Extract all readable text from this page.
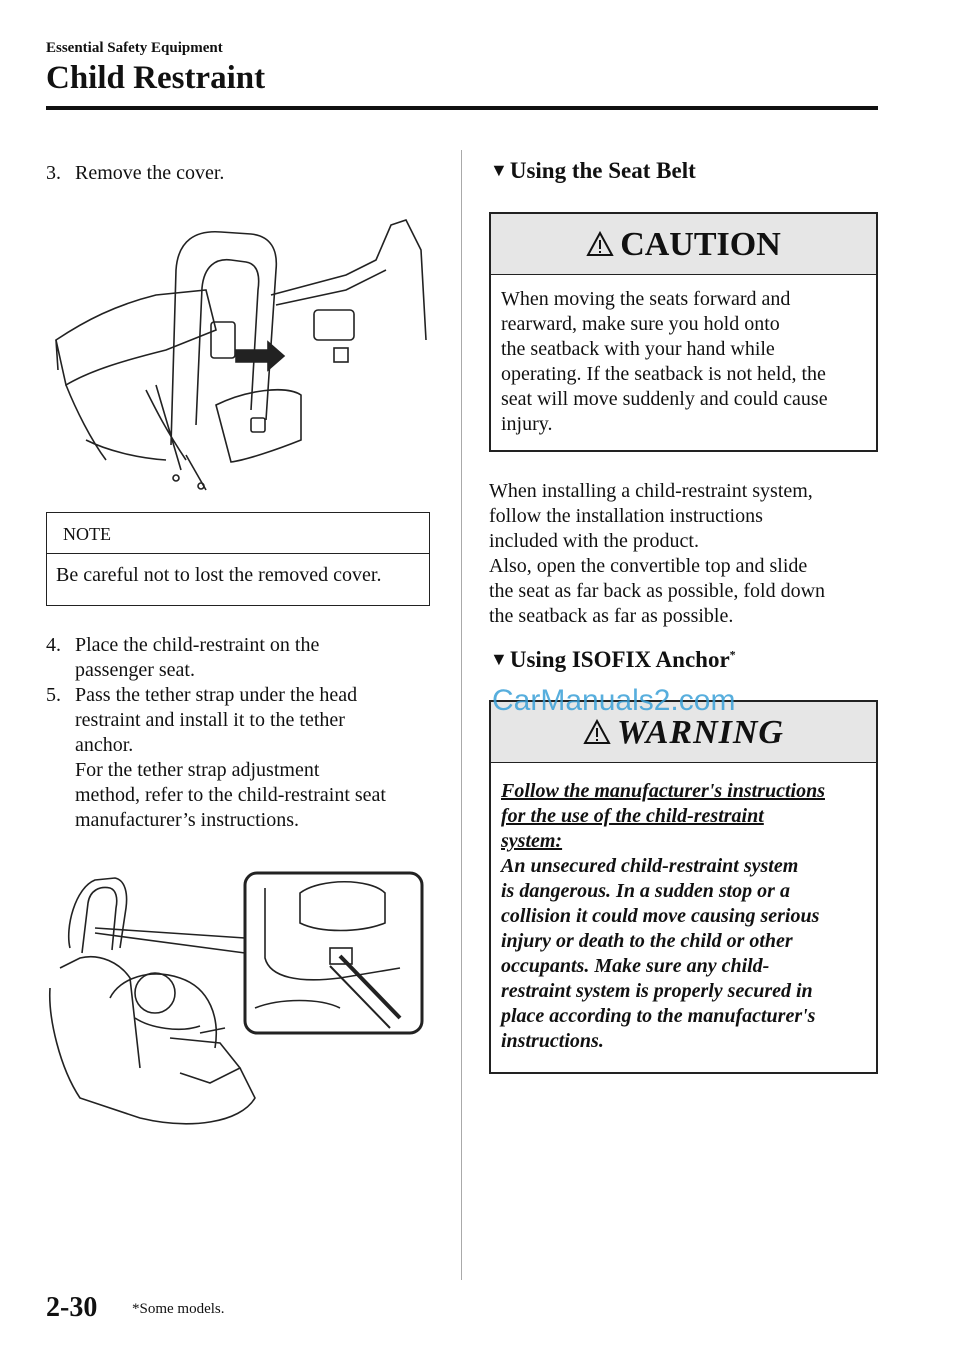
Essential Safety Equipment
Child Restraint
3. Remove the cover.
NOTE
Be careful not to lost the removed cover.
4. Place the child-restraint on the
passenger seat.
5. Pass the tether strap under the head
restraint and install it to the tether
anchor.
For the tether strap adjustment
method, refer to the child-restraint seat
manufacturer’s instructions.
▼Using the Seat Belt
CAUTION
When moving the seats forward and
rearward, make sure you hold onto
the seatback with your hand while
operating. If the seatback is not held, the
seat will move suddenly and could cause
injury.
When installing a child-restraint system,
follow the installation instructions
included with the product.
Also, open the convertible top and slide
the seat as far back as possible, fold down
the seatback as far as possible.
▼Using ISOFIX Anchor*
WARNING
Follow the manufacturer's instructions
for the use of the child-restraint
system:
An unsecured child-restraint system
is dangerous. In a sudden stop or a
collision it could move causing serious
injury or death to the child or other
occupants. Make sure any child-
restraint system is properly secured in
place according to the manufacturer's
instructions.
CarManuals2.com
2-30 *Some models.
